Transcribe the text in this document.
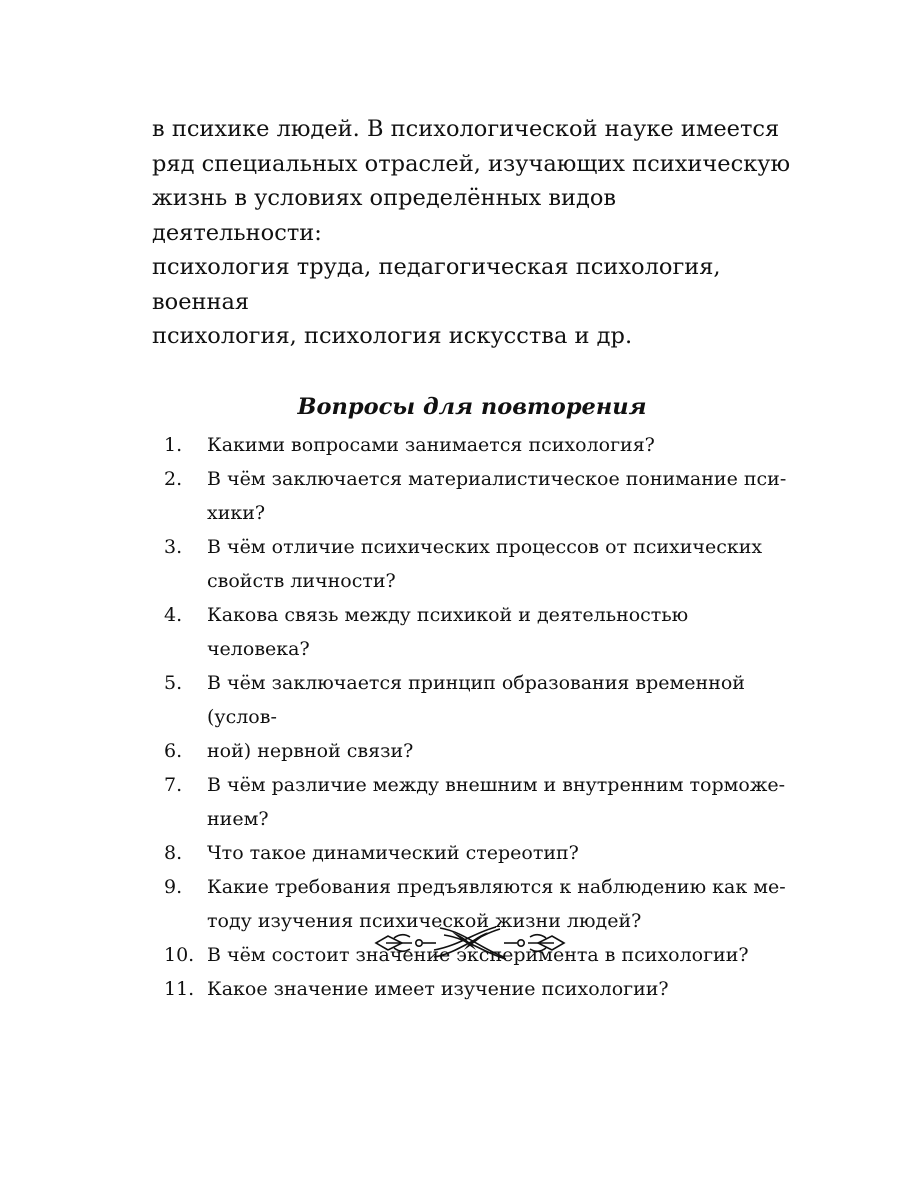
в психике людей. В психологической науке имеется

ряд специальных отраслей, изучающих психическую

жизнь в условиях определённых видов деятельности:

психология труда, педагогическая психология, военная

психология, психология искусства и др.

Вопросы для повторения
1. Какими вопросами занимается психология?
2. В чём заключается материалистическое понимание пси-
хики?
3. В чём отличие психических процессов от психических
свойств личности?
4. Какова связь между психикой и деятельностью человека?
5. В чём заключается принцип образования временной (услов-
6. ной) нервной связи?
7. В чём различие между внешним и внутренним торможе-
нием?
8. Что такое динамический стереотип?
9. Какие требования предъявляются к наблюдению как ме-
тоду изучения психической жизни людей?
10. В чём состоит значение эксперимента в психологии?
11. Какое значение имеет изучение психологии?
